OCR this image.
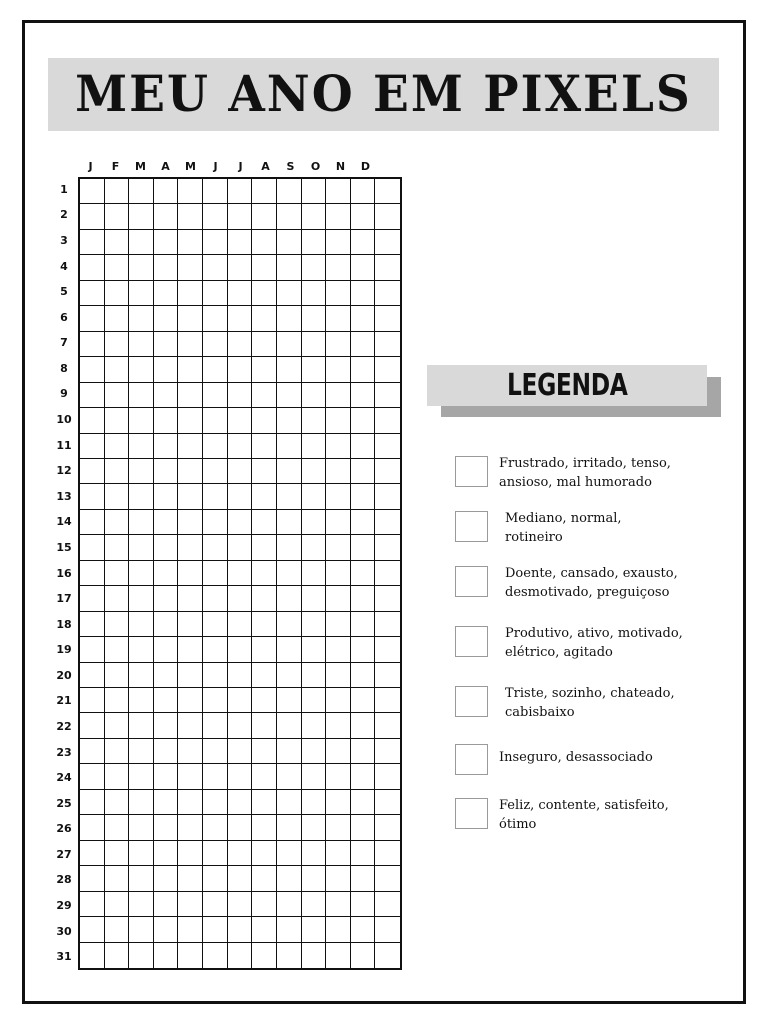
MEU ANO EM PIXELS
J	F	M	A	M	J	J	A	S	O	N	D
1
2
3
4
5
6
7
8
9
10
11
12
13
14
15
16
17
18
19
20
21
22
23
24
25
26
27
28
29
30
31
LEGENDA
Frustrado, irritado, tenso, ansioso, mal humorado
Mediano, normal, rotineiro
Doente, cansado, exausto, desmotivado, preguiçoso
Produtivo, ativo, motivado, elétrico, agitado
Triste, sozinho, chateado, cabisbaixo
Inseguro, desassociado
Feliz, contente, satisfeito, ótimo
